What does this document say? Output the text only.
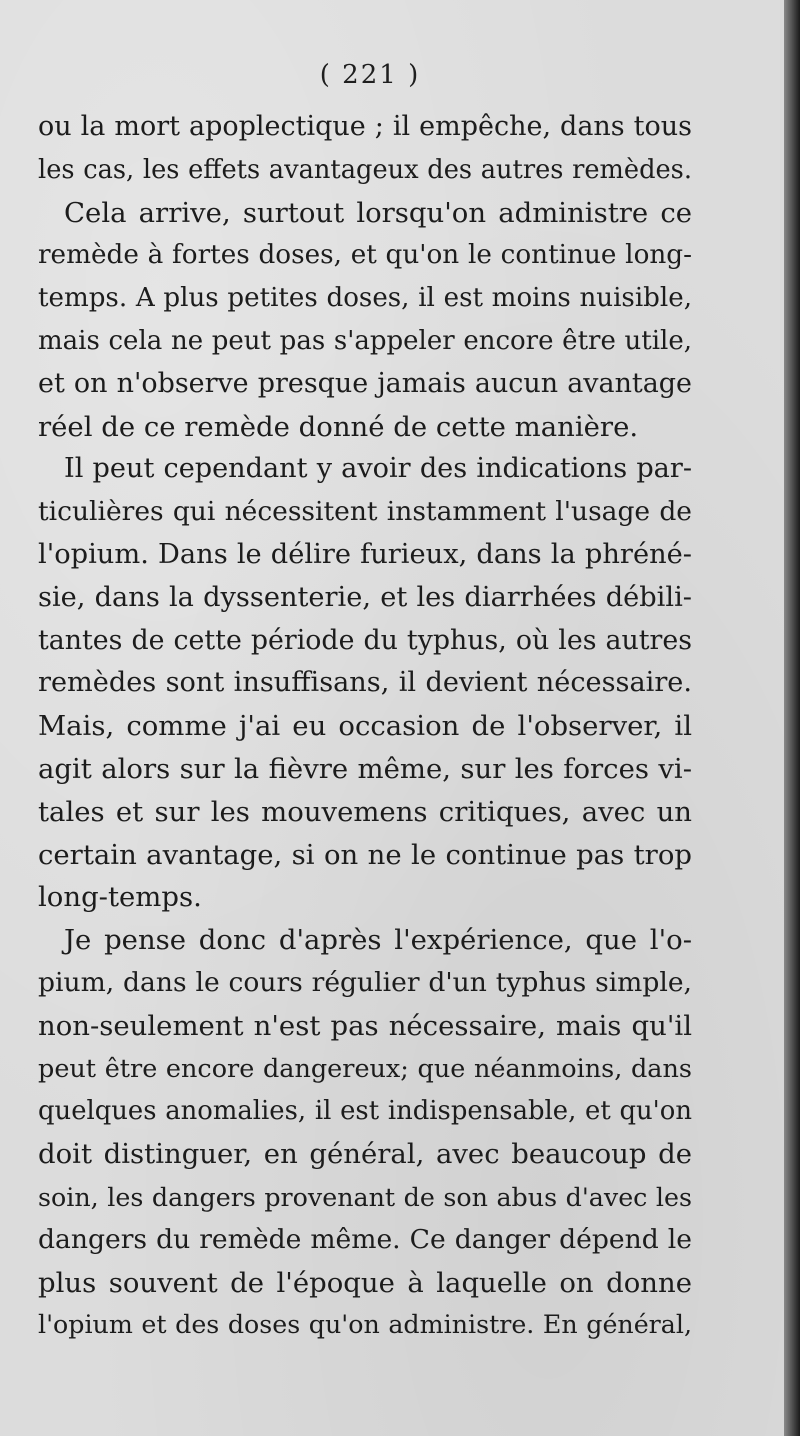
( 221 )
ou la mort apoplectique ; il empêche, dans tous
les cas, les effets avantageux des autres remèdes.
Cela arrive, surtout lorsqu'on administre ce
remède à fortes doses, et qu'on le continue long-
temps. A plus petites doses, il est moins nuisible,
mais cela ne peut pas s'appeler encore être utile,
et on n'observe presque jamais aucun avantage
réel de ce remède donné de cette manière.
Il peut cependant y avoir des indications par-
ticulières qui nécessitent instamment l'usage de
l'opium. Dans le délire furieux, dans la phréné-
sie, dans la dyssenterie, et les diarrhées débili-
tantes de cette période du typhus, où les autres
remèdes sont insuffisans, il devient nécessaire.
Mais, comme j'ai eu occasion de l'observer, il
agit alors sur la fièvre même, sur les forces vi-
tales et sur les mouvemens critiques, avec un
certain avantage, si on ne le continue pas trop
long-temps.
Je pense donc d'après l'expérience, que l'o-
pium, dans le cours régulier d'un typhus simple,
non-seulement n'est pas nécessaire, mais qu'il
peut être encore dangereux; que néanmoins, dans
quelques anomalies, il est indispensable, et qu'on
doit distinguer, en général, avec beaucoup de
soin, les dangers provenant de son abus d'avec les
dangers du remède même. Ce danger dépend le
plus souvent de l'époque à laquelle on donne
l'opium et des doses qu'on administre. En général,
